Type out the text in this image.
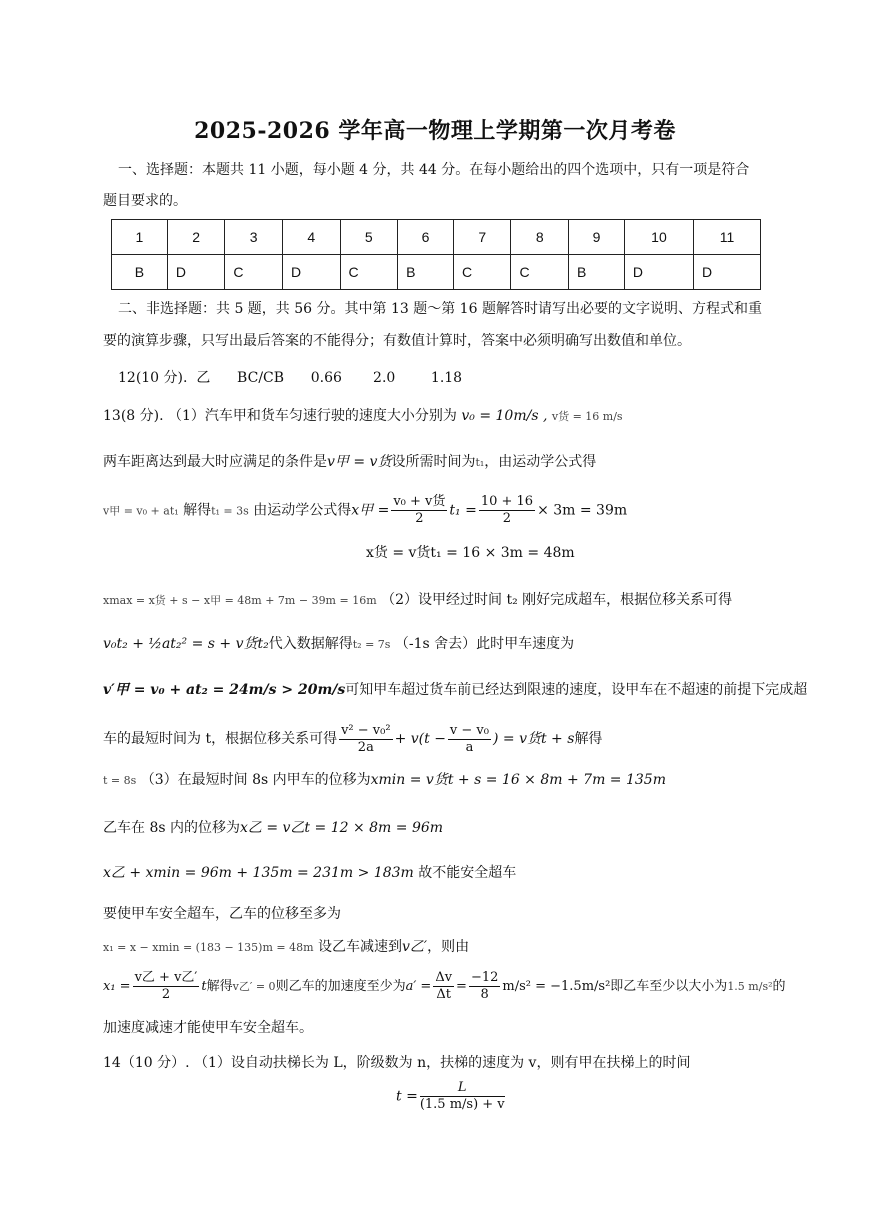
2025-2026 学年高一物理上学期第一次月考卷
一、选择题：本题共 11 小题，每小题 4 分，共 44 分。在每小题给出的四个选项中，只有一项是符合
题目要求的。
1	2	3	4	5	6	7	8	9	10	11
B	D	C	D	C	B	C	C	B	D	D
二、非选择题：共 5 题，共 56 分。其中第 13 题～第 16 题解答时请写出必要的文字说明、方程式和重
要的演算步骤，只写出最后答案的不能得分；有数值计算时，答案中必须明确写出数值和单位。
12(10 分).  乙      BC/CB      0.66       2.0        1.18
13(8 分). （1）汽车甲和货车匀速行驶的速度大小分别为 v₀ = 10m/s , v货 = 16 m/s
两车距离达到最大时应满足的条件是v甲 = v货设所需时间为t₁，由运动学公式得
v甲 = v₀ + at₁ 解得t₁ = 3s 由运动学公式得x甲 = $\frac{\text{v₀ + v货}}{2} t_1 = \frac{10 + 16}{2} \times 3m = 39m$
x货 = v货t₁ = 16 × 3m = 48m
xmax = x货 + s − x甲 = 48m + 7m − 39m = 16m （2）设甲经过时间 t₂ 刚好完成超车，根据位移关系可得
v₀t₂ + ½at₂² = s + v货t₂代入数据解得t₂ = 7s （-1s 舍去）此时甲车速度为
v′甲 = v₀ + at₂ = 24m/s > 20m/s可知甲车超过货车前已经达到限速的速度，设甲车在不超速的前提下完成超
车的最短时间为 t，根据位移关系可得 $\frac{\text{v² − v₀²}}{2a} + v(t - \frac{\text{v − v₀}}{a}$ ) = v货t + s解得
t = 8s （3）在最短时间 8s 内甲车的位移为xmin = v货t + s = 16 × 8m + 7m = 135m
乙车在 8s 内的位移为x乙 = v乙t = 12 × 8m = 96m
x乙 + xmin = 96m + 135m = 231m > 183m 故不能安全超车
要使甲车安全超车，乙车的位移至多为
x₁ = x − xmin = (183 − 135)m = 48m 设乙车减速到v乙′，则由
$x_1 = \frac{\text{v乙 + v乙′}}{2}$ t解得v乙′ = 0则乙车的加速度至少为$a' = \frac{\Delta v}{\Delta t} = \frac{-12}{8} m/s^2 = -1.5m/s^2$即乙车至少以大小为1.5 m/s²的
加速度减速才能使甲车安全超车。
14（10 分）. （1）设自动扶梯长为 L，阶级数为 n，扶梯的速度为 v，则有甲在扶梯上的时间
$t = \frac{L}{(1.5 m/s) + v}$
